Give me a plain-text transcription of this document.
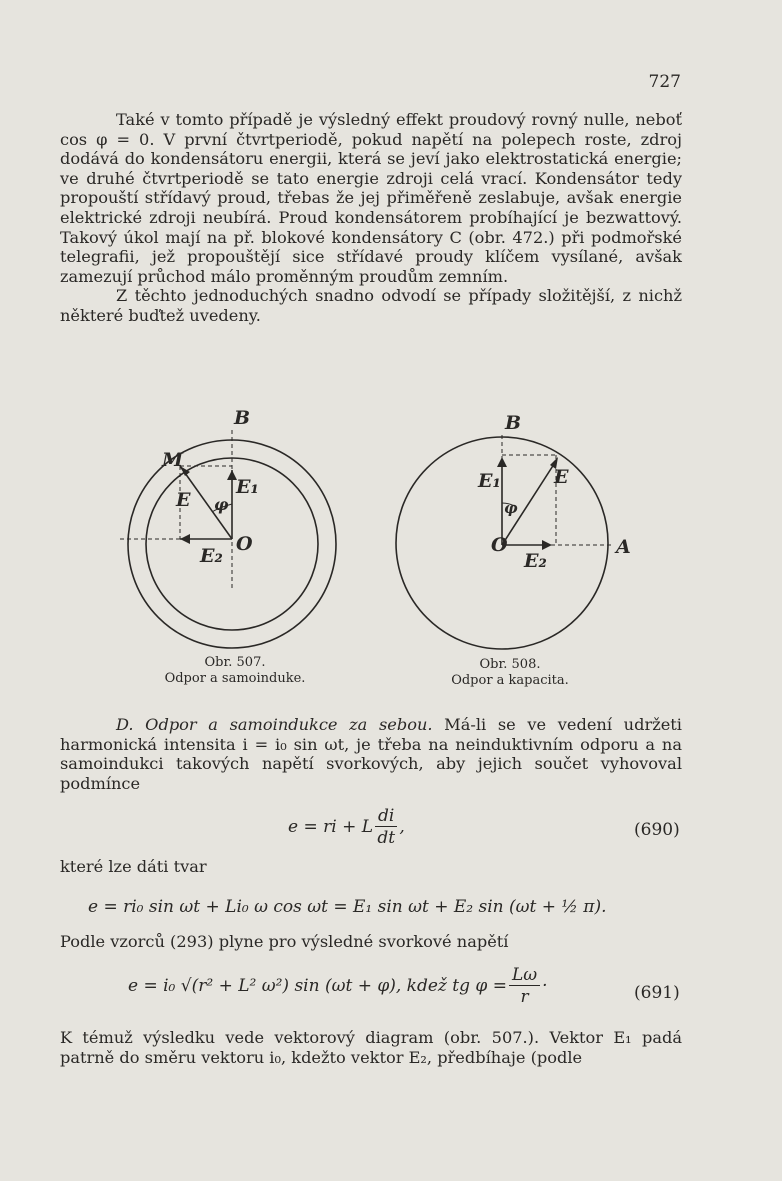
727

Také v tomto případě je výsledný effekt proudový rovný nulle, neboť cos φ = 0. V první čtvrtperiodě, pokud napětí na polepech roste, zdroj dodává do kondensátoru energii, která se jeví jako elektrostatická energie; ve druhé čtvrtperiodě se tato energie zdroji celá vrací. Kondensátor tedy propouští střídavý proud, třebas že jej přiměřeně zeslabuje, avšak energie elektrické zdroji neubírá. Proud kondensátorem probíhající je bezwattový. Takový úkol mají na př. blokové kondensátory C (obr. 472.) při podmořské telegrafii, jež propouštějí sice střídavé proudy klíčem vysílané, avšak zamezují průchod málo proměnným proudům zemním.

Z těchto jednoduchých snadno odvodí se případy složitější, z nichž některé buďtež uvedeny.

B
M
E
E₁
E₂
O
φ
Obr. 507.
Odpor a samoinduke.
B
A
E
E₁
E₂
O
φ
Obr. 508.
Odpor a kapacita.

D. Odpor a samoindukce za sebou. Má-li se ve vedení udržeti harmonická intensita i = i₀ sin ωt, je třeba na neinduktivním odporu a na samoindukci takových napětí svorkových, aby jejich součet vyhovoval podmínce

e = ri + L $\frac{di}{dt}$ ,	(690)
které lze dáti tvar
e = ri₀ sin ωt + Li₀ ω cos ωt = E₁ sin ωt + E₂ sin (ωt + ½ π).
Podle vzorců (293) plyne pro výsledné svorkové napětí
e = i₀ √(r² + L² ω²) sin (ωt + φ), kdež tg $\varphi = \frac{L\omega}{r}$ ·	(691)

K témuž výsledku vede vektorový diagram (obr. 507.). Vektor E₁ padá patrně do směru vektoru i₀, kdežto vektor E₂, předbíhaje (podle
